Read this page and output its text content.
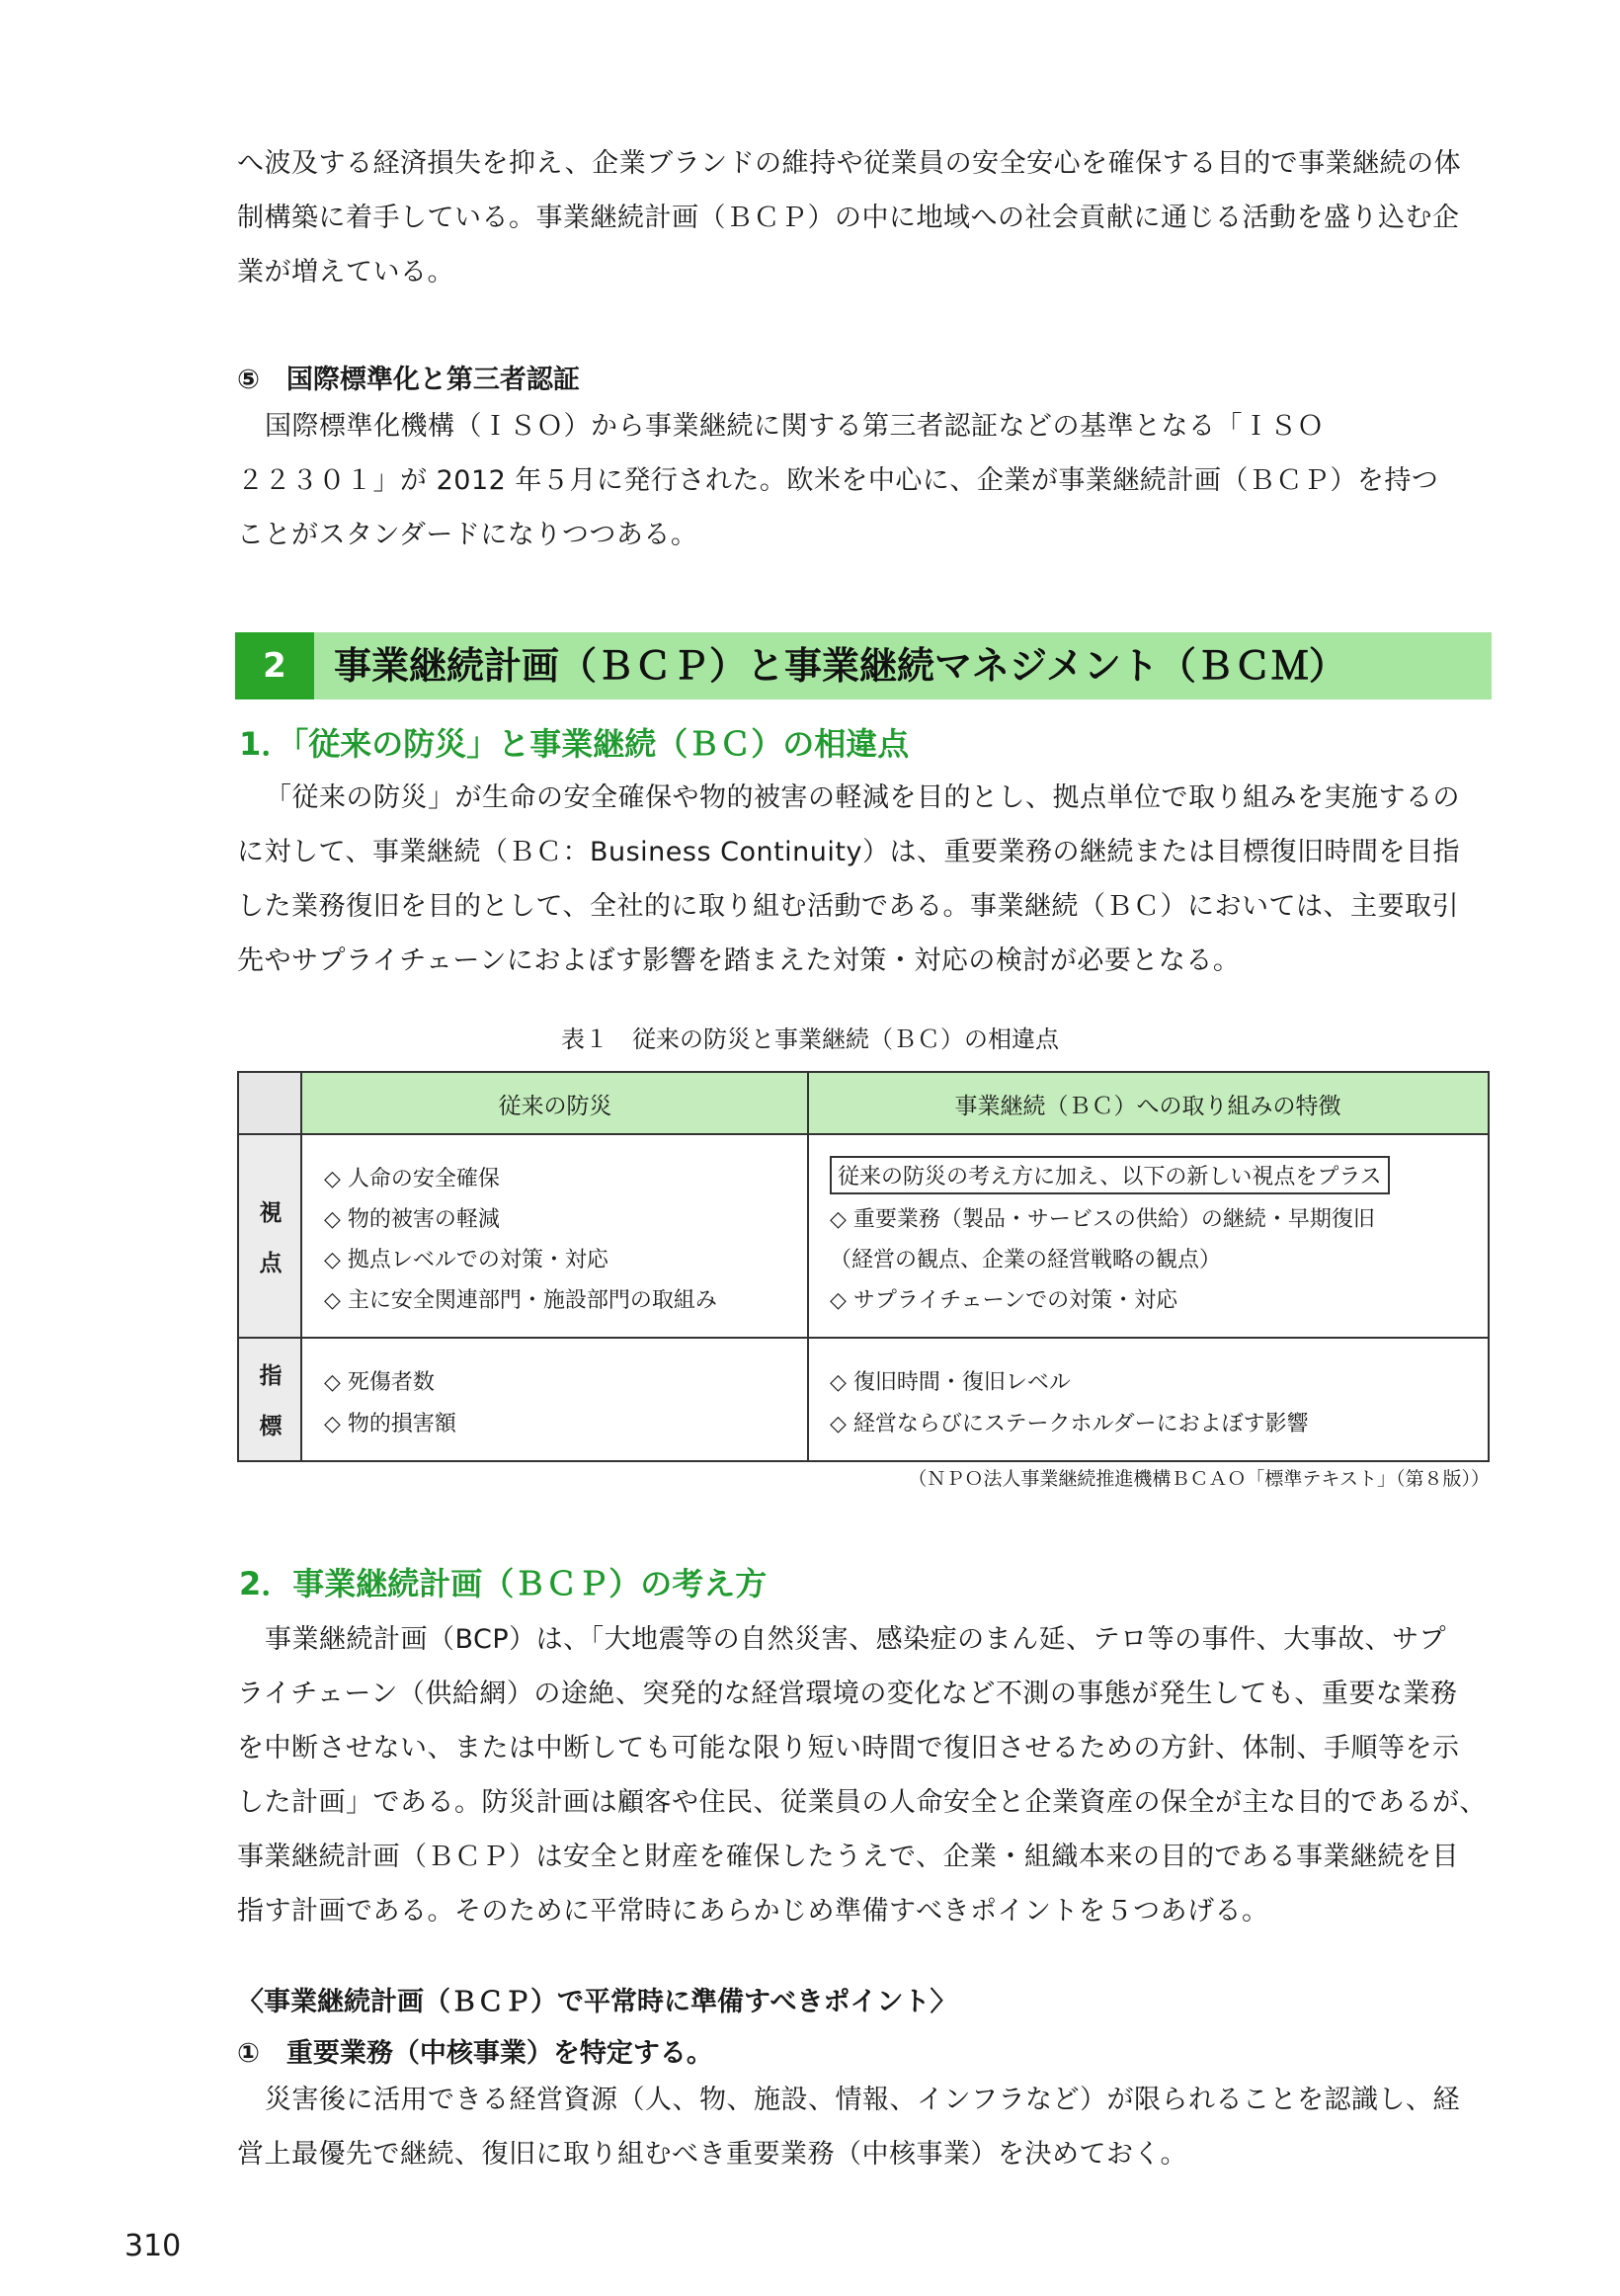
へ波及する経済損失を抑え、企業ブランドの維持や従業員の安全安心を確保する目的で事業継続の体
制構築に着手している。事業継続計画（ＢＣＰ）の中に地域への社会貢献に通じる活動を盛り込む企
業が増えている。
⑤　国際標準化と第三者認証
国際標準化機構（ＩＳＯ）から事業継続に関する第三者認証などの基準となる「ＩＳＯ
２２３０１」が 2012 年５月に発行された。欧米を中心に、企業が事業継続計画（ＢＣＰ）を持つ
ことがスタンダードになりつつある。
2	事業継続計画（ＢＣＰ）と事業継続マネジメント（ＢＣＭ）
1．「従来の防災」と事業継続（ＢＣ）の相違点
「従来の防災」が生命の安全確保や物的被害の軽減を目的とし、拠点単位で取り組みを実施するの
に対して、事業継続（ＢＣ：Business Continuity）は、重要業務の継続または目標復旧時間を目指
した業務復旧を目的として、全社的に取り組む活動である。事業継続（ＢＣ）においては、主要取引
先やサプライチェーンにおよぼす影響を踏まえた対策・対応の検討が必要となる。
表１　従来の防災と事業継続（ＢＣ）の相違点
従来の防災	事業継続（ＢＣ）への取り組みの特徴
視
点
指
標
◇ 人命の安全確保
◇ 物的被害の軽減
◇ 拠点レベルでの対策・対応
◇ 主に安全関連部門・施設部門の取組み
従来の防災の考え方に加え、以下の新しい視点をプラス
◇ 重要業務（製品・サービスの供給）の継続・早期復旧
（経営の観点、企業の経営戦略の観点）
◇ サプライチェーンでの対策・対応
◇ 死傷者数
◇ 物的損害額
◇ 復旧時間・復旧レベル
◇ 経営ならびにステークホルダーにおよぼす影響
（ＮＰＯ法人事業継続推進機構ＢＣＡＯ「標準テキスト」（第８版））
2．事業継続計画（ＢＣＰ）の考え方
事業継続計画（BCP）は、「大地震等の自然災害、感染症のまん延、テロ等の事件、大事故、サプ
ライチェーン（供給網）の途絶、突発的な経営環境の変化など不測の事態が発生しても、重要な業務
を中断させない、または中断しても可能な限り短い時間で復旧させるための方針、体制、手順等を示
した計画」である。防災計画は顧客や住民、従業員の人命安全と企業資産の保全が主な目的であるが、
事業継続計画（ＢＣＰ）は安全と財産を確保したうえで、企業・組織本来の目的である事業継続を目
指す計画である。そのために平常時にあらかじめ準備すべきポイントを５つあげる。
〈事業継続計画（ＢＣＰ）で平常時に準備すべきポイント〉
①　重要業務（中核事業）を特定する。
災害後に活用できる経営資源（人、物、施設、情報、インフラなど）が限られることを認識し、経
営上最優先で継続、復旧に取り組むべき重要業務（中核事業）を決めておく。
310
